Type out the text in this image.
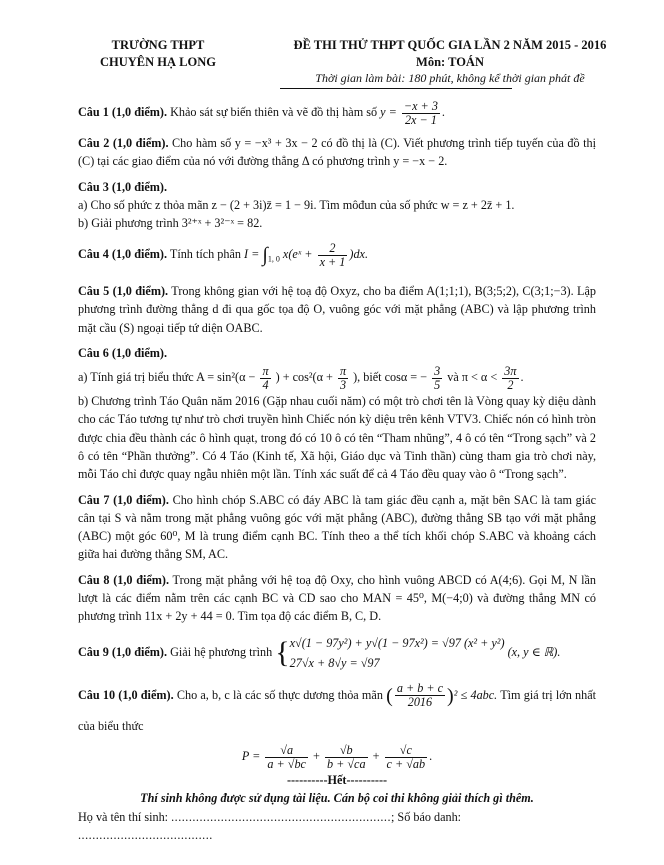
TRƯỜNG THPT
CHUYÊN HẠ LONG
ĐỀ THI THỬ THPT QUỐC GIA LẦN 2 NĂM 2015 - 2016
Môn: TOÁN
Thời gian làm bài: 180 phút, không kể thời gian phát đề

Câu 1 (1,0 điểm). Khảo sát sự biến thiên và vẽ đồ thị hàm số $y = \frac{-x + 3}{2x - 1}$ .

Câu 2 (1,0 điểm). Cho hàm số y = −x³ + 3x − 2 có đồ thị là (C). Viết phương trình tiếp tuyến của đồ thị (C) tại các giao điểm của nó với đường thẳng Δ có phương trình y = −x − 2.

Câu 3 (1,0 điểm).

a) Cho số phức z thỏa mãn z − (2 + 3i)z̄ = 1 − 9i. Tìm môđun của số phức w = z + 2z̄ + 1.

b) Giải phương trình 3²⁺ˣ + 3²⁻ˣ = 82.

Câu 4 (1,0 điểm). Tính tích phân $I = \int_{1, 0}$ x(eˣ + $\frac{2}{x + 1} )dx$.

Câu 5 (1,0 điểm). Trong không gian với hệ toạ độ Oxyz, cho ba điểm A(1;1;1), B(3;5;2), C(3;1;−3). Lập phương trình đường thẳng d đi qua gốc tọa độ O, vuông góc với mặt phẳng (ABC) và lập phương trình mặt cầu (S) ngoại tiếp tứ diện OABC.

Câu 6 (1,0 điểm).

a) Tính giá trị biểu thức $A = \sin^2(\alpha - \frac{\pi}{4}$ ) + $\cos^2(\alpha + \frac{\pi}{3}$ ), biết cosα = − $\frac{3}{5}$ và $\pi < \alpha < \frac{3\pi}{2}$ .

b) Chương trình Táo Quân năm 2016 (Gặp nhau cuối năm) có một trò chơi tên là Vòng quay kỳ diệu dành cho các Táo tương tự như trò chơi truyền hình Chiếc nón kỳ diệu trên kênh VTV3. Chiếc nón có hình tròn được chia đều thành các ô hình quạt, trong đó có 10 ô có tên “Tham nhũng”, 4 ô có tên “Trong sạch” và 2 ô có tên “Phần thưởng”. Có 4 Táo (Kinh tế, Xã hội, Giáo dục và Tinh thần) cùng tham gia trò chơi này, mỗi Táo chỉ được quay ngẫu nhiên một lần. Tính xác suất để cả 4 Táo đều quay vào ô “Trong sạch”.

Câu 7 (1,0 điểm). Cho hình chóp S.ABC có đáy ABC là tam giác đều cạnh a, mặt bên SAC là tam giác cân tại S và nằm trong mặt phẳng vuông góc với mặt phẳng (ABC), đường thẳng SB tạo với mặt phẳng (ABC) một góc 60⁰, M là trung điểm cạnh BC. Tính theo a thể tích khối chóp S.ABC và khoảng cách giữa hai đường thẳng SM, AC.

Câu 8 (1,0 điểm). Trong mặt phẳng với hệ toạ độ Oxy, cho hình vuông ABCD có A(4;6). Gọi M, N lần lượt là các điểm nằm trên các cạnh BC và CD sao cho MAN = 45⁰, M(−4;0) và đường thẳng MN có phương trình 11x + 2y + 44 = 0. Tìm tọa độ các điểm B, C, D.

Câu 9 (1,0 điểm). Giải hệ phương trình { x√(1 − 97y²) + y√(1 − 97x²) = √97 (x² + y²)
27√x + 8√y = √97
(x, y ∈ ℝ).

Câu 10 (1,0 điểm). Cho a, b, c là các số thực dương thỏa mãn ( $\frac{a + b + c}{2016} )^2 \le 4abc$. Tìm giá trị lớn nhất của biểu thức

$P = \frac{√a}{a + √bc} + \frac{√b}{b + √ca} + \frac{√c}{c + √ab}$ .

----------Hết----------

Thí sinh không được sử dụng tài liệu. Cán bộ coi thi không giải thích gì thêm.

Họ và tên thí sinh: ..............................................................; Số báo danh: ......................................
